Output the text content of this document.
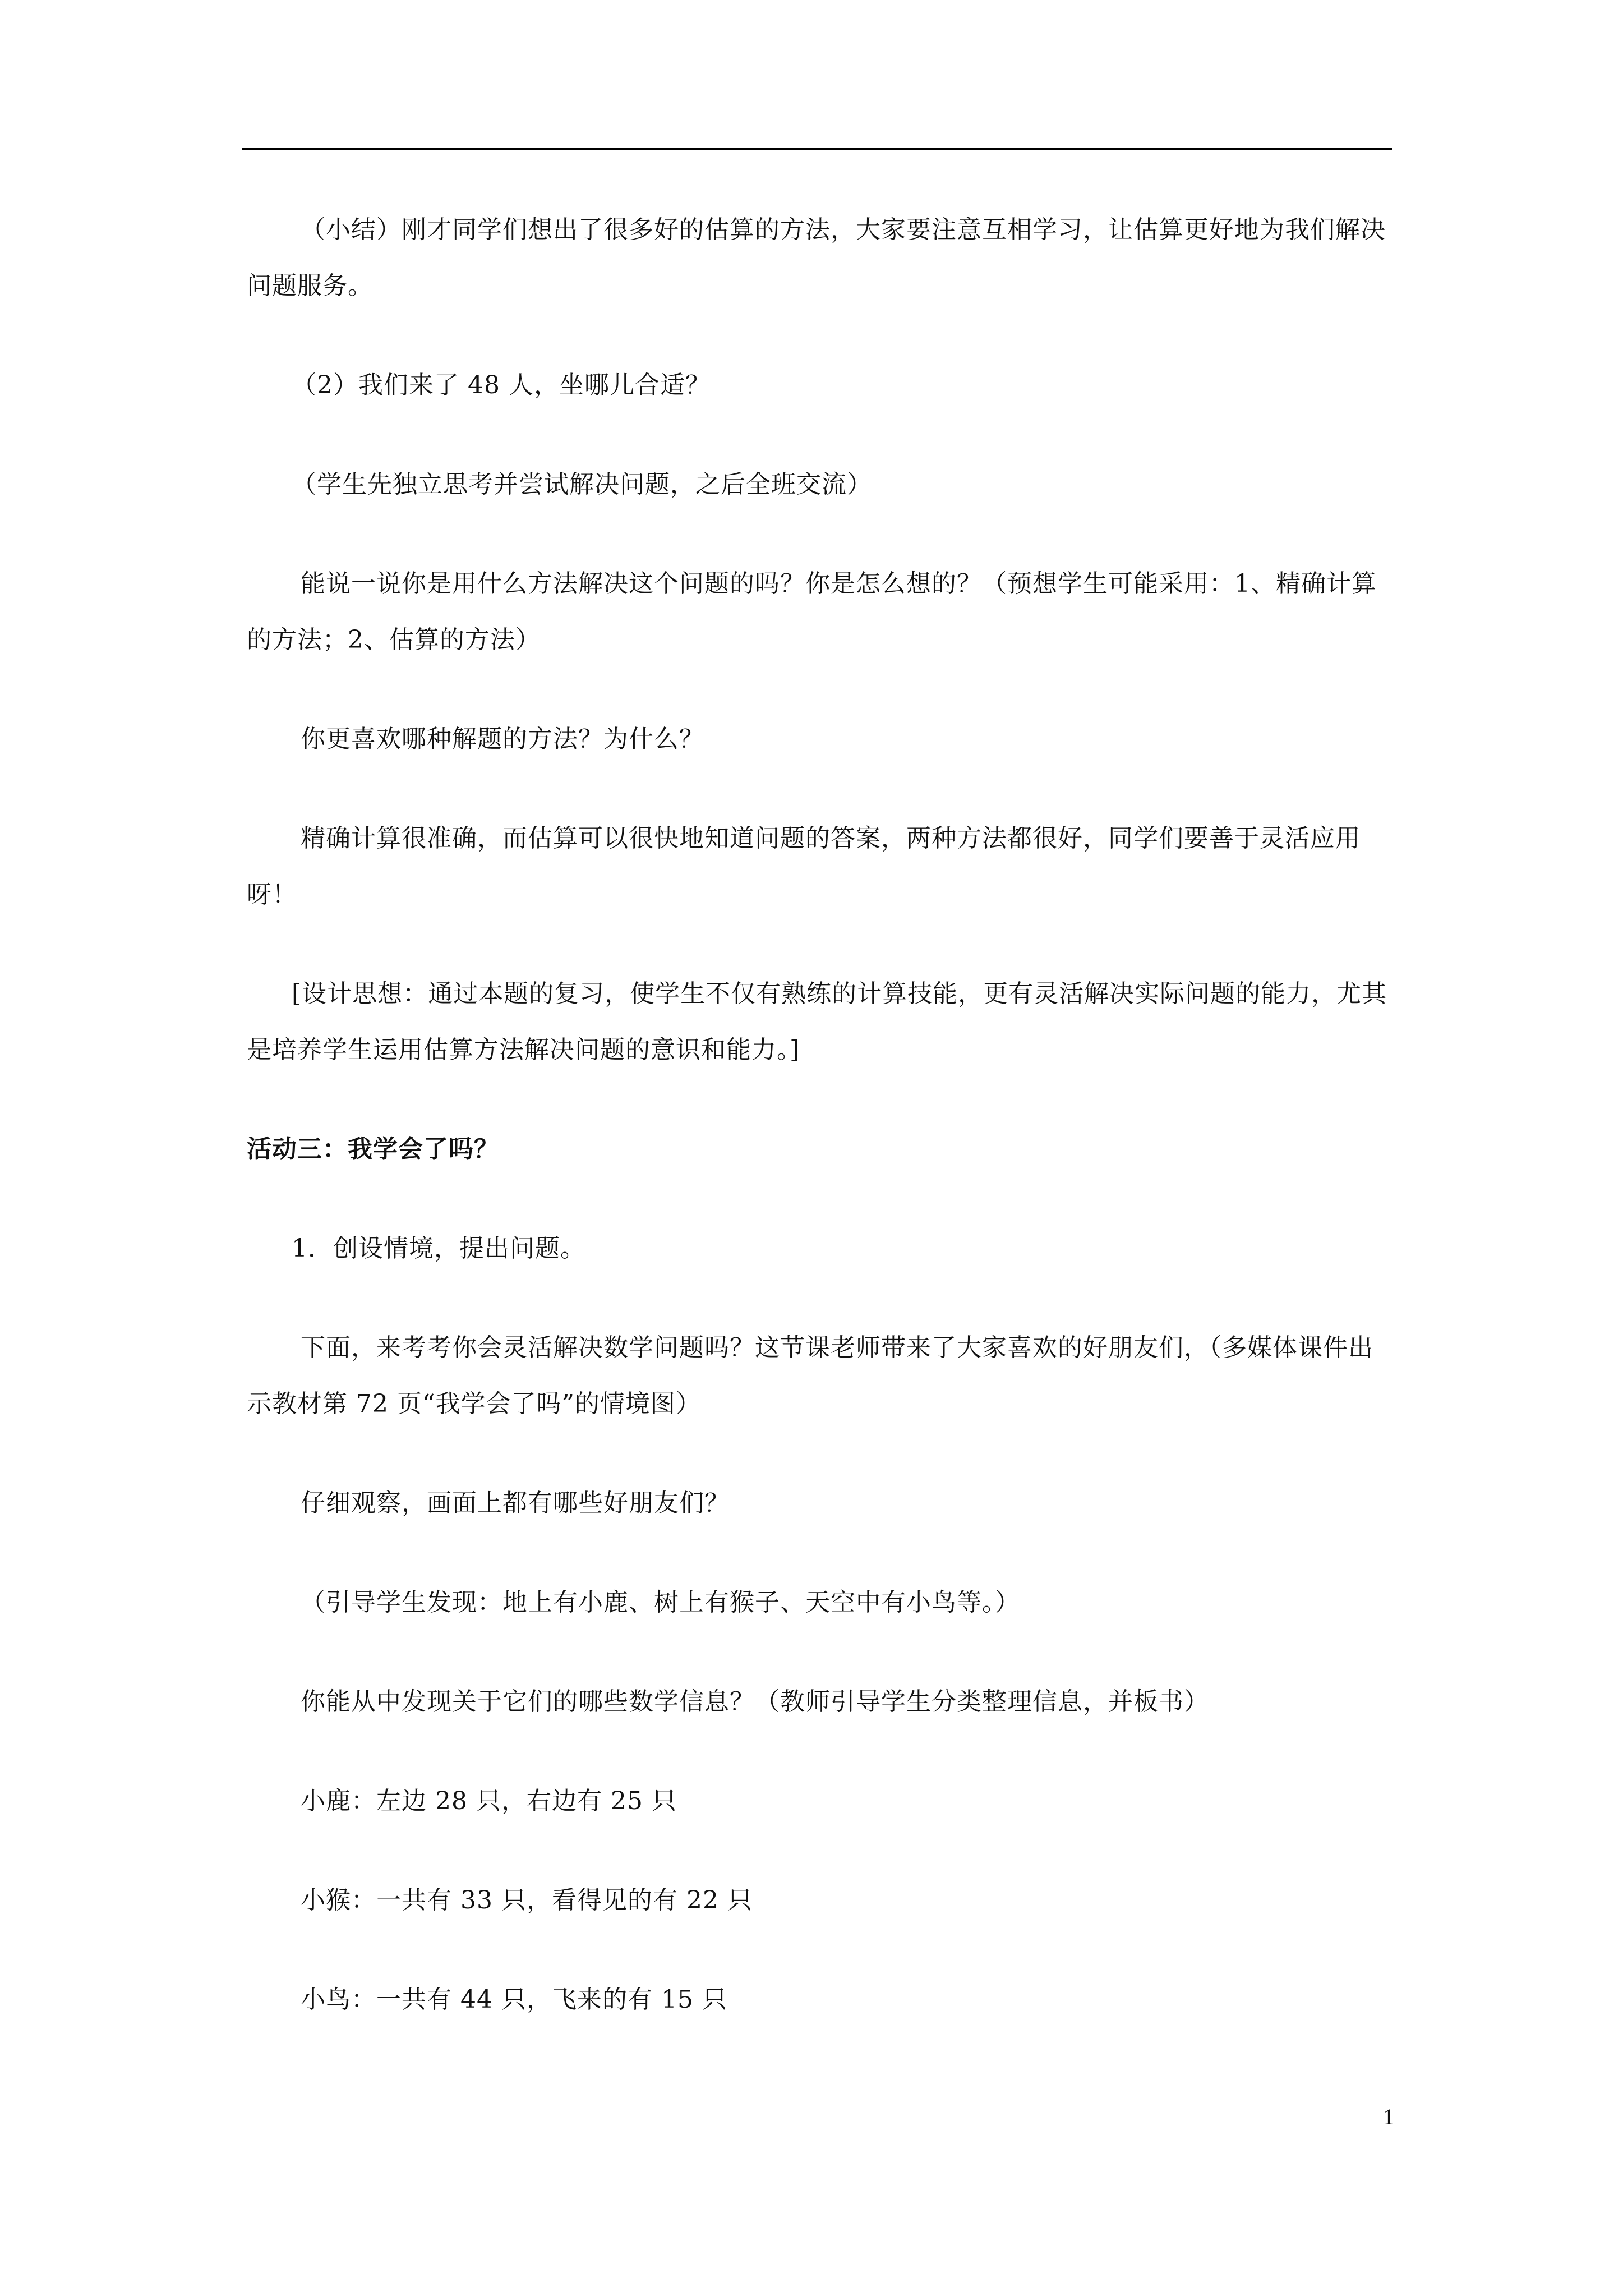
（小结）刚才同学们想出了很多好的估算的方法，大家要注意互相学习，让估算更好地为我们解决问题服务。

（2）我们来了 48 人，坐哪儿合适？

（学生先独立思考并尝试解决问题，之后全班交流）

能说一说你是用什么方法解决这个问题的吗？你是怎么想的？（预想学生可能采用：1、精确计算的方法；2、估算的方法）

你更喜欢哪种解题的方法？为什么？

精确计算很准确，而估算可以很快地知道问题的答案，两种方法都很好，同学们要善于灵活应用呀！

[设计思想：通过本题的复习，使学生不仅有熟练的计算技能，更有灵活解决实际问题的能力，尤其是培养学生运用估算方法解决问题的意识和能力。]

活动三：我学会了吗？

1．创设情境，提出问题。

下面，来考考你会灵活解决数学问题吗？这节课老师带来了大家喜欢的好朋友们，（多媒体课件出示教材第 72 页“我学会了吗”的情境图）

仔细观察，画面上都有哪些好朋友们？

（引导学生发现：地上有小鹿、树上有猴子、天空中有小鸟等。）

你能从中发现关于它们的哪些数学信息？（教师引导学生分类整理信息，并板书）

小鹿：左边 28 只，右边有 25 只

小猴：一共有 33 只，看得见的有 22 只

小鸟：一共有 44 只，飞来的有 15 只

1
